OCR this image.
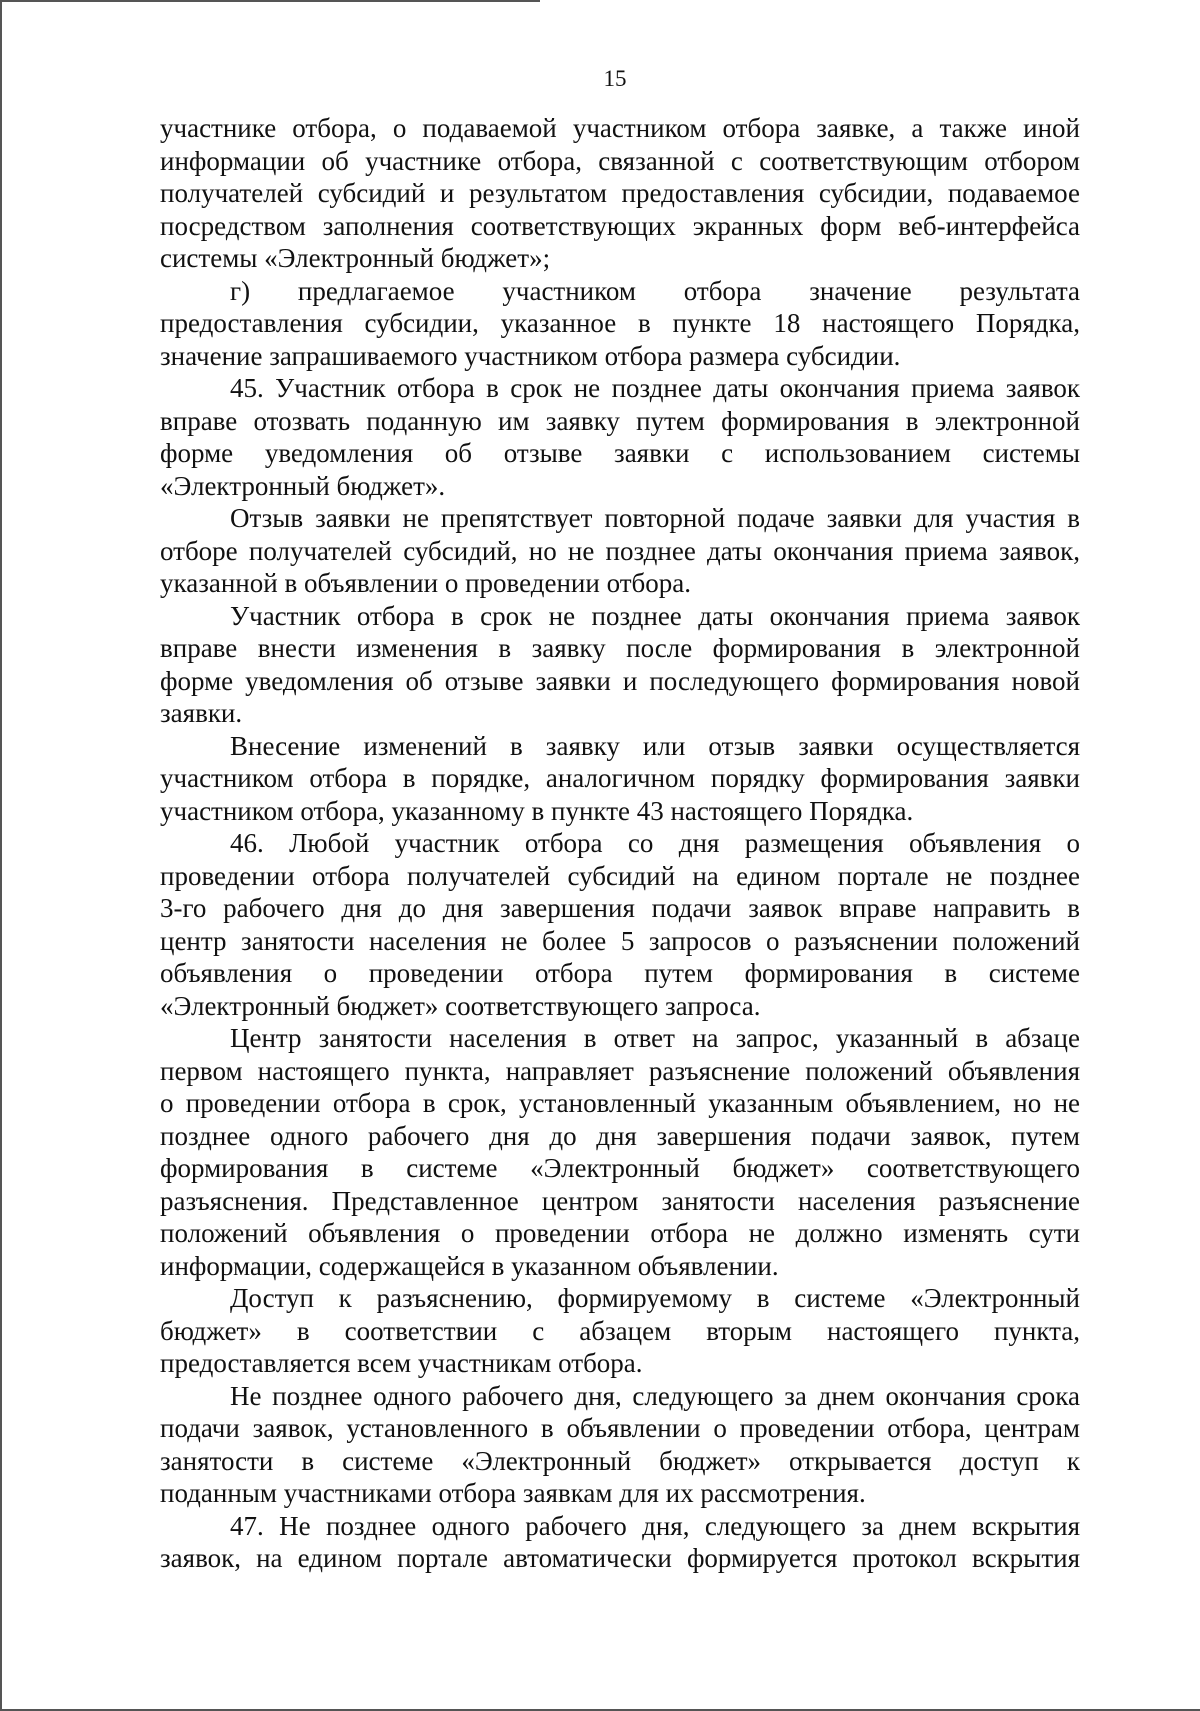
15
участнике отбора, о подаваемой участником отбора заявке, а также иной
информации об участнике отбора, связанной с соответствующим отбором
получателей субсидий и результатом предоставления субсидии, подаваемое
посредством заполнения соответствующих экранных форм веб-интерфейса
системы «Электронный бюджет»;
г) предлагаемое участником отбора значение результата
предоставления субсидии, указанное в пункте 18 настоящего Порядка,
значение запрашиваемого участником отбора размера субсидии.
45. Участник отбора в срок не позднее даты окончания приема заявок
вправе отозвать поданную им заявку путем формирования в электронной
форме уведомления об отзыве заявки с использованием системы
«Электронный бюджет».
Отзыв заявки не препятствует повторной подаче заявки для участия в
отборе получателей субсидий, но не позднее даты окончания приема заявок,
указанной в объявлении о проведении отбора.
Участник отбора в срок не позднее даты окончания приема заявок
вправе внести изменения в заявку после формирования в электронной
форме уведомления об отзыве заявки и последующего формирования новой
заявки.
Внесение изменений в заявку или отзыв заявки осуществляется
участником отбора в порядке, аналогичном порядку формирования заявки
участником отбора, указанному в пункте 43 настоящего Порядка.
46. Любой участник отбора со дня размещения объявления о
проведении отбора получателей субсидий на едином портале не позднее
3-го рабочего дня до дня завершения подачи заявок вправе направить в
центр занятости населения не более 5 запросов о разъяснении положений
объявления о проведении отбора путем формирования в системе
«Электронный бюджет» соответствующего запроса.
Центр занятости населения в ответ на запрос, указанный в абзаце
первом настоящего пункта, направляет разъяснение положений объявления
о проведении отбора в срок, установленный указанным объявлением, но не
позднее одного рабочего дня до дня завершения подачи заявок, путем
формирования в системе «Электронный бюджет» соответствующего
разъяснения. Представленное центром занятости населения разъяснение
положений объявления о проведении отбора не должно изменять сути
информации, содержащейся в указанном объявлении.
Доступ к разъяснению, формируемому в системе «Электронный
бюджет» в соответствии с абзацем вторым настоящего пункта,
предоставляется всем участникам отбора.
Не позднее одного рабочего дня, следующего за днем окончания срока
подачи заявок, установленного в объявлении о проведении отбора, центрам
занятости в системе «Электронный бюджет» открывается доступ к
поданным участниками отбора заявкам для их рассмотрения.
47. Не позднее одного рабочего дня, следующего за днем вскрытия
заявок, на едином портале автоматически формируется протокол вскрытия
